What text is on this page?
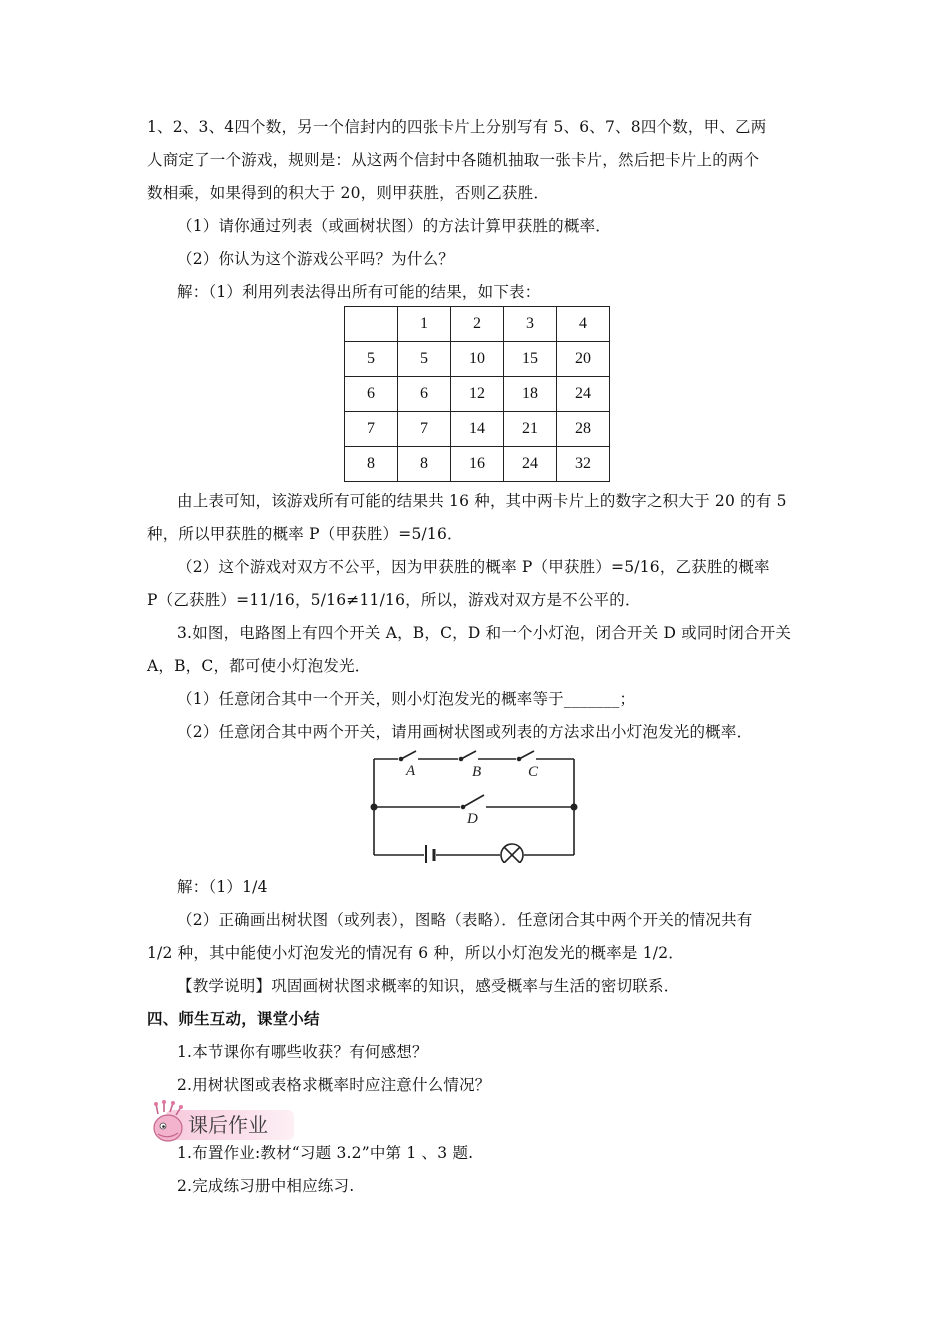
1、2、3、4四个数，另一个信封内的四张卡片上分别写有 5、6、7、8四个数，甲、乙两
人商定了一个游戏，规则是：从这两个信封中各随机抽取一张卡片，然后把卡片上的两个
数相乘，如果得到的积大于 20，则甲获胜，否则乙获胜．
（1）请你通过列表（或画树状图）的方法计算甲获胜的概率．
（2）你认为这个游戏公平吗？为什么？
解：（1）利用列表法得出所有可能的结果，如下表：
	1	2	3	4
5	5	10	15	20
6	6	12	18	24
7	7	14	21	28
8	8	16	24	32
由上表可知，该游戏所有可能的结果共 16 种，其中两卡片上的数字之积大于 20 的有 5
种，所以甲获胜的概率 P（甲获胜）=5/16．
（2）这个游戏对双方不公平，因为甲获胜的概率 P（甲获胜）=5/16，乙获胜的概率
P（乙获胜）=11/16，5/16≠11/16，所以，游戏对双方是不公平的．
3.如图，电路图上有四个开关 A，B，C，D 和一个小灯泡，闭合开关 D 或同时闭合开关
A，B，C，都可使小灯泡发光．
（1）任意闭合其中一个开关，则小灯泡发光的概率等于_______；
（2）任意闭合其中两个开关，请用画树状图或列表的方法求出小灯泡发光的概率．
A	B	C
D
解：（1）1/4
（2）正确画出树状图（或列表），图略（表略）．任意闭合其中两个开关的情况共有
1/2 种，其中能使小灯泡发光的情况有 6 种，所以小灯泡发光的概率是 1/2．
【教学说明】巩固画树状图求概率的知识，感受概率与生活的密切联系．
四、师生互动，课堂小结
1.本节课你有哪些收获？有何感想？
2.用树状图或表格求概率时应注意什么情况？
课后作业
1.布置作业:教材“习题 3.2”中第 1 、3 题.
2.完成练习册中相应练习.
